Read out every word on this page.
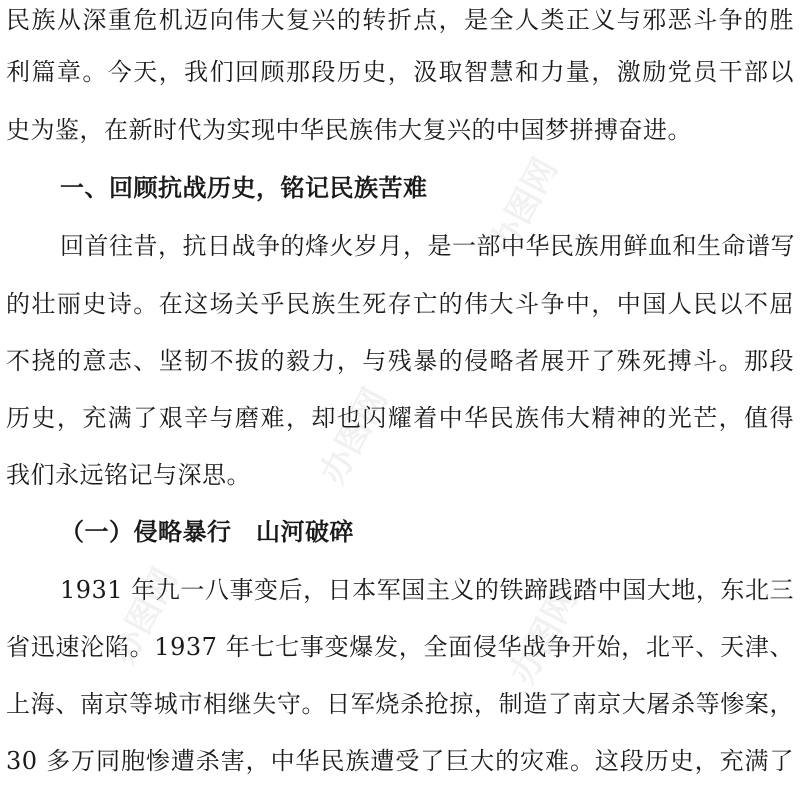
民族从深重危机迈向伟大复兴的转折点，是全人类正义与邪恶斗争的胜
利篇章。今天，我们回顾那段历史，汲取智慧和力量，激励党员干部以
史为鉴，在新时代为实现中华民族伟大复兴的中国梦拼搏奋进。
一、回顾抗战历史，铭记民族苦难
回首往昔，抗日战争的烽火岁月，是一部中华民族用鲜血和生命谱写
的壮丽史诗。在这场关乎民族生死存亡的伟大斗争中，中国人民以不屈
不挠的意志、坚韧不拔的毅力，与残暴的侵略者展开了殊死搏斗。那段
历史，充满了艰辛与磨难，却也闪耀着中华民族伟大精神的光芒，值得
我们永远铭记与深思。
（一）侵略暴行　山河破碎
1931 年九一八事变后，日本军国主义的铁蹄践踏中国大地，东北三
省迅速沦陷。1937 年七七事变爆发，全面侵华战争开始，北平、天津、
上海、南京等城市相继失守。日军烧杀抢掠，制造了南京大屠杀等惨案，
30 多万同胞惨遭杀害，中华民族遭受了巨大的灾难。这段历史，充满了
办图网
办图网
办图网
办图网
